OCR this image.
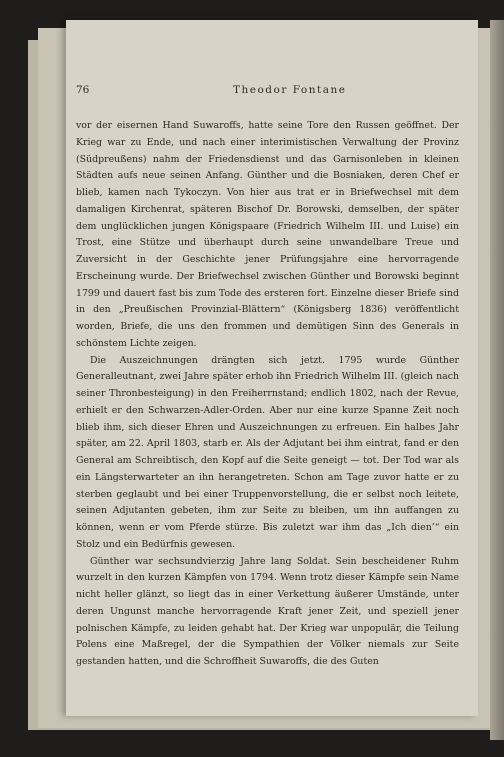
76	Theodor Fontane

vor der eisernen Hand Suwaroffs, hatte seine Tore den Russen geöffnet. Der Krieg war zu Ende, und nach einer interimistischen Verwaltung der Provinz (Südpreußens) nahm der Friedensdienst und das Garnisonleben in kleinen Städten aufs neue seinen Anfang. Günther und die Bosniaken, deren Chef er blieb, kamen nach Tykoczyn. Von hier aus trat er in Briefwechsel mit dem damaligen Kirchenrat, späteren Bischof Dr. Borowski, demselben, der später dem unglücklichen jungen Königspaare (Friedrich Wilhelm III. und Luise) ein Trost, eine Stütze und überhaupt durch seine unwandelbare Treue und Zuversicht in der Geschichte jener Prüfungsjahre eine hervorragende Erscheinung wurde. Der Briefwechsel zwischen Günther und Borowski beginnt 1799 und dauert fast bis zum Tode des ersteren fort. Einzelne dieser Briefe sind in den „Preußischen Provinzial-Blättern“ (Königsberg 1836) veröffentlicht worden, Briefe, die uns den frommen und demütigen Sinn des Generals in schönstem Lichte zeigen.

Die Auszeichnungen drängten sich jetzt. 1795 wurde Günther Generalleutnant, zwei Jahre später erhob ihn Friedrich Wilhelm III. (gleich nach seiner Thronbesteigung) in den Freiherrnstand; endlich 1802, nach der Revue, erhielt er den Schwarzen-Adler-Orden. Aber nur eine kurze Spanne Zeit noch blieb ihm, sich dieser Ehren und Auszeichnungen zu erfreuen. Ein halbes Jahr später, am 22. April 1803, starb er. Als der Adjutant bei ihm eintrat, fand er den General am Schreibtisch, den Kopf auf die Seite geneigt — tot. Der Tod war als ein Längsterwarteter an ihn herangetreten. Schon am Tage zuvor hatte er zu sterben geglaubt und bei einer Truppenvorstellung, die er selbst noch leitete, seinen Adjutanten gebeten, ihm zur Seite zu bleiben, um ihn auffangen zu können, wenn er vom Pferde stürze. Bis zuletzt war ihm das „Ich dien’“ ein Stolz und ein Bedürfnis gewesen.

Günther war sechsundvierzig Jahre lang Soldat. Sein bescheidener Ruhm wurzelt in den kurzen Kämpfen von 1794. Wenn trotz dieser Kämpfe sein Name nicht heller glänzt, so liegt das in einer Verkettung äußerer Umstände, unter deren Ungunst manche hervorragende Kraft jener Zeit, und speziell jener polnischen Kämpfe, zu leiden gehabt hat. Der Krieg war unpopulär, die Teilung Polens eine Maßregel, der die Sympathien der Völker niemals zur Seite gestanden hatten, und die Schroffheit Suwaroffs, die des Guten
